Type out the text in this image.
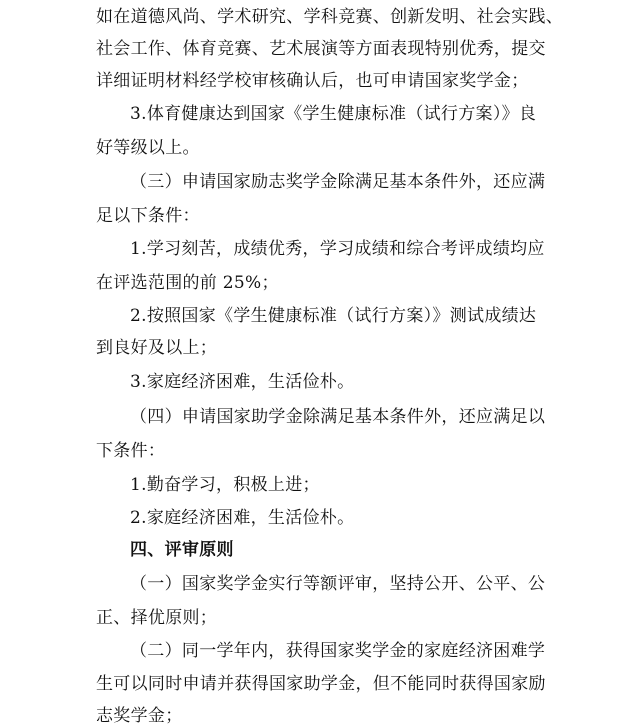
如在道德风尚、学术研究、学科竞赛、创新发明、社会实践、
社会工作、体育竞赛、艺术展演等方面表现特别优秀，提交
详细证明材料经学校审核确认后，也可申请国家奖学金；
3.体育健康达到国家《学生健康标准（试行方案）》良
好等级以上。
（三）申请国家励志奖学金除满足基本条件外，还应满
足以下条件：
1.学习刻苦，成绩优秀，学习成绩和综合考评成绩均应
在评选范围的前 25%；
2.按照国家《学生健康标准（试行方案）》测试成绩达
到良好及以上；
3.家庭经济困难，生活俭朴。
（四）申请国家助学金除满足基本条件外，还应满足以
下条件：
1.勤奋学习，积极上进；
2.家庭经济困难，生活俭朴。
四、评审原则
（一）国家奖学金实行等额评审，坚持公开、公平、公
正、择优原则；
（二）同一学年内，获得国家奖学金的家庭经济困难学
生可以同时申请并获得国家助学金，但不能同时获得国家励
志奖学金；
